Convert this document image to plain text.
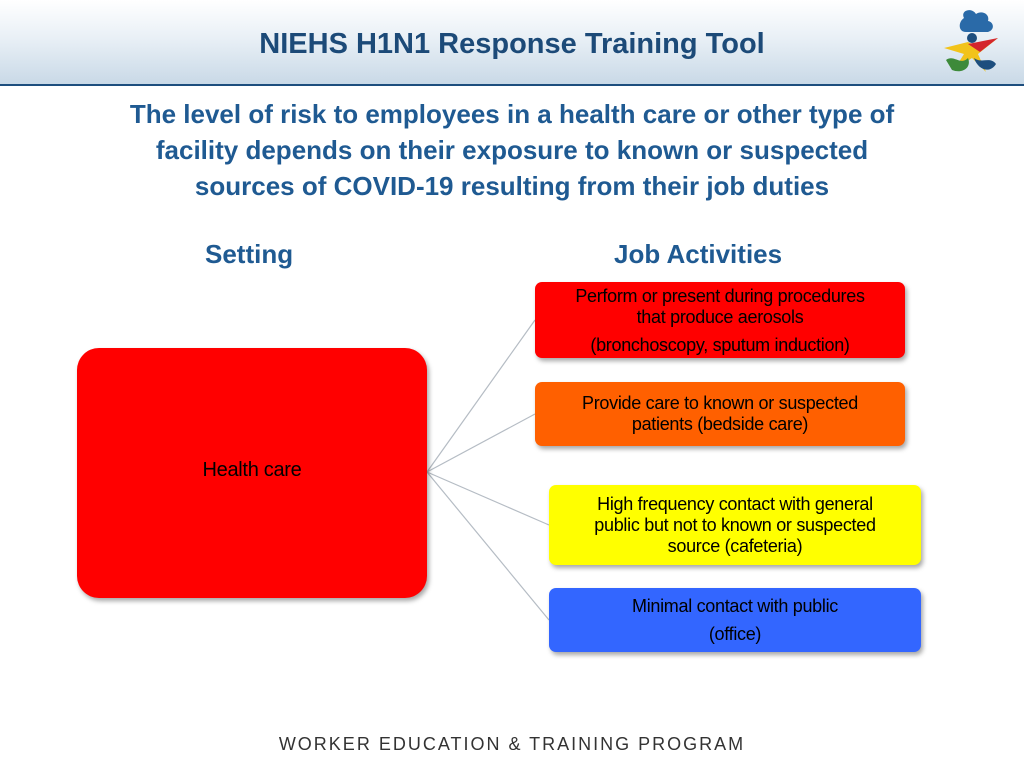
NIEHS H1N1 Response Training Tool
The level of risk to employees in a health care or other type of
facility depends on their exposure to known or suspected
sources of COVID-19 resulting from their job duties
Setting	Job Activities

Health care

Perform or present during procedures

that produce aerosols

(bronchoscopy, sputum induction)

Provide care to known or suspected

patients (bedside care)

High frequency contact with general

public but not to known or suspected

source (cafeteria)

Minimal contact with public

(office)

WORKER EDUCATION & TRAINING PROGRAM
